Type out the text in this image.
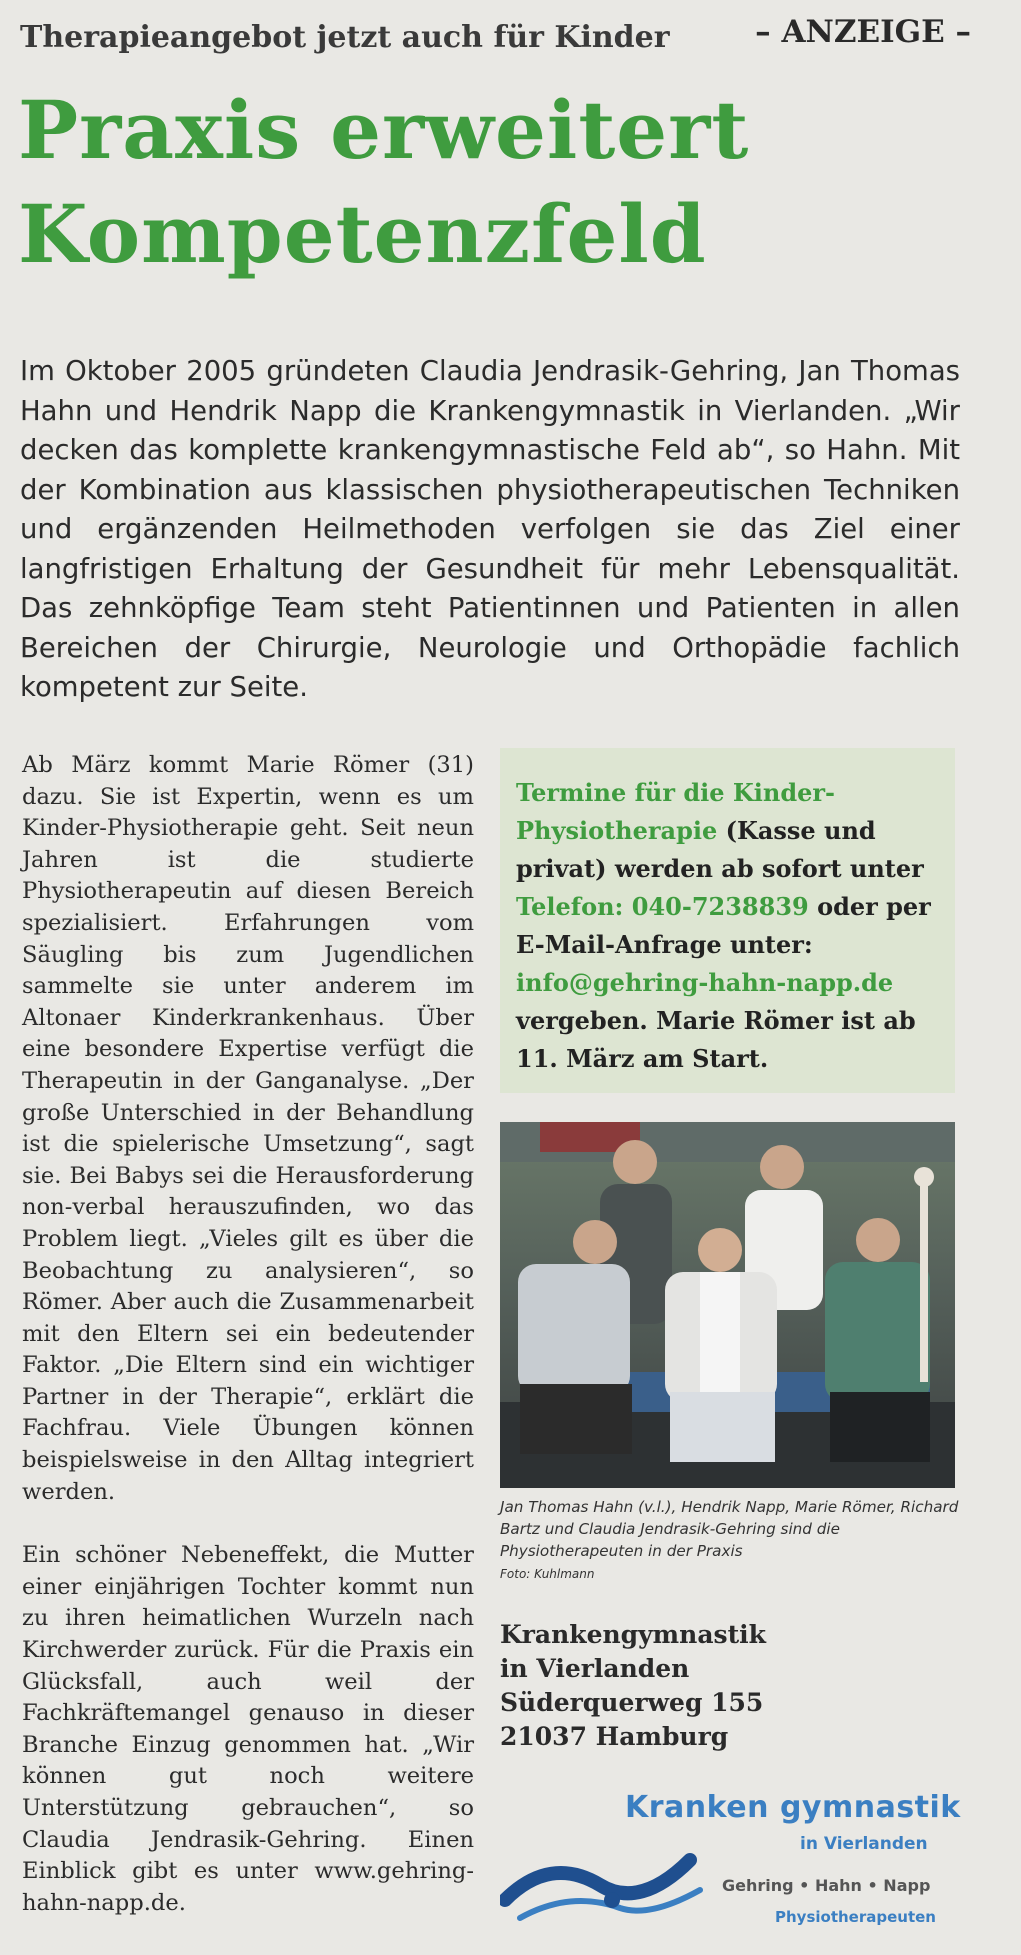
Therapieangebot jetzt auch für Kinder	– ANZEIGE –
Praxis erweitert Kompetenzfeld

Im Oktober 2005 gründeten Claudia Jendrasik-Gehring, Jan Thomas Hahn und Hendrik Napp die Krankengymnastik in Vierlanden. „Wir decken das komplette krankengymnastische Feld ab“, so Hahn. Mit der Kombination aus klassischen physiotherapeutischen Techniken und ergänzenden Heilmethoden verfolgen sie das Ziel einer langfristigen Erhaltung der Gesundheit für mehr Lebensqualität. Das zehnköpfige Team steht Patientinnen und Patienten in allen Bereichen der Chirurgie, Neurologie und Orthopädie fachlich kompetent zur Seite.

Ab März kommt Marie Römer (31) dazu. Sie ist Expertin, wenn es um Kinder-Physiotherapie geht. Seit neun Jahren ist die studierte Physiotherapeutin auf diesen Bereich spezialisiert. Erfahrungen vom Säugling bis zum Jugendlichen sammelte sie unter anderem im Altonaer Kinderkrankenhaus. Über eine besondere Expertise verfügt die Therapeutin in der Ganganalyse. „Der große Unterschied in der Behandlung ist die spielerische Umsetzung“, sagt sie. Bei Babys sei die Herausforderung non-verbal herauszufinden, wo das Problem liegt. „Vieles gilt es über die Beobachtung zu analysieren“, so Römer. Aber auch die Zusammenarbeit mit den Eltern sei ein bedeutender Faktor. „Die Eltern sind ein wichtiger Partner in der Therapie“, erklärt die Fachfrau. Viele Übungen können beispielsweise in den Alltag integriert werden.

Ein schöner Nebeneffekt, die Mutter einer einjährigen Tochter kommt nun zu ihren heimatlichen Wurzeln nach Kirchwerder zurück. Für die Praxis ein Glücksfall, auch weil der Fachkräftemangel genauso in dieser Branche Einzug genommen hat. „Wir können gut noch weitere Unterstützung gebrauchen“, so Claudia Jendrasik-Gehring. Einen Einblick gibt es unter www.gehring-hahn-napp.de.

Termine für die Kinder-Physiotherapie (Kasse und privat) werden ab sofort unter Telefon: 040-7238839 oder per E-Mail-Anfrage unter: info@gehring-hahn-napp.de vergeben. Marie Römer ist ab 11. März am Start.
Jan Thomas Hahn (v.l.), Hendrik Napp, Marie Römer, Richard Bartz und Claudia Jendrasik-Gehring sind die Physiotherapeuten in der Praxis
Foto: Kuhlmann
Krankengymnastik
in Vierlanden
Süderquerweg 155
21037 Hamburg
Kranken gymnastik
in Vierlanden
Gehring • Hahn • Napp
Physiotherapeuten
